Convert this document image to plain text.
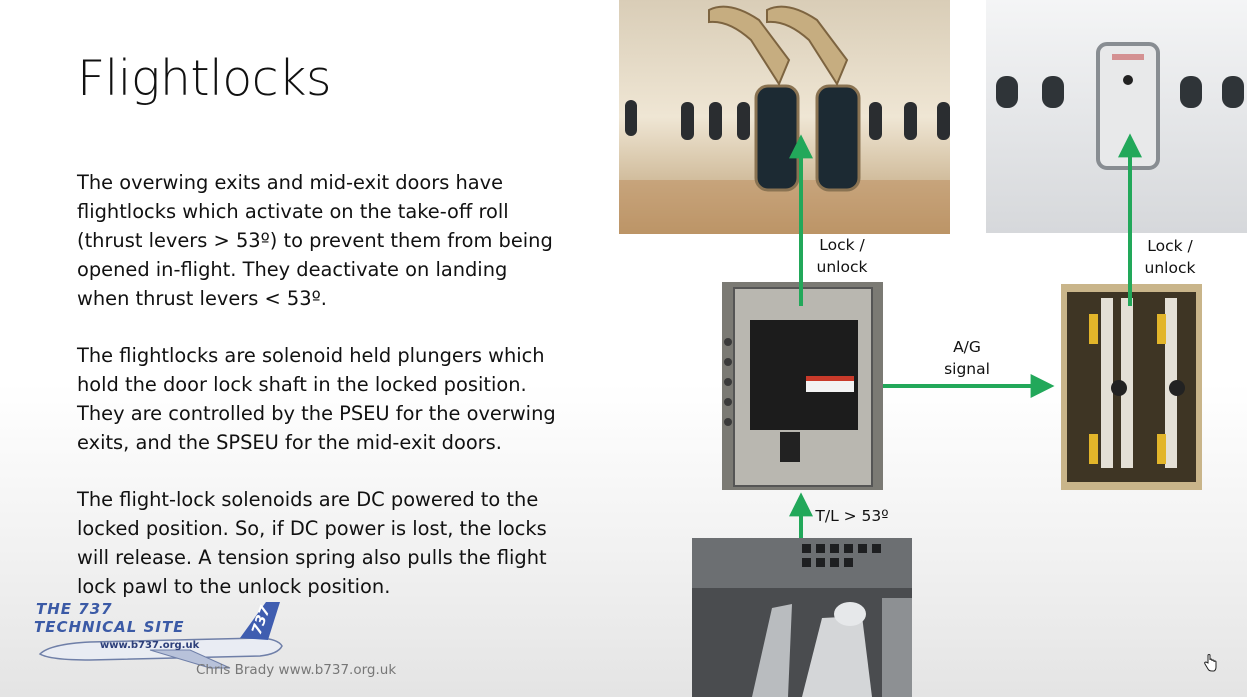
Flightlocks
The overwing exits and mid-exit doors have
flightlocks which activate on the take-off roll
(thrust levers > 53º) to prevent them from being
opened in-flight. They deactivate on landing
when thrust levers < 53º.
The flightlocks are solenoid held plungers which
hold the door lock shaft in the locked position.
They are controlled by the PSEU for the overwing
exits, and the SPSEU for the mid-exit doors.
The flight-lock solenoids are DC powered to the
locked position. So, if DC power is lost, the locks
will release. A tension spring also pulls the flight
lock pawl to the unlock position.
Lock /
unlock
Lock /
unlock
A/G
signal
T/L > 53º
737
THE 737
TECHNICAL SITE
www.b737.org.uk
Chris Brady www.b737.org.uk
